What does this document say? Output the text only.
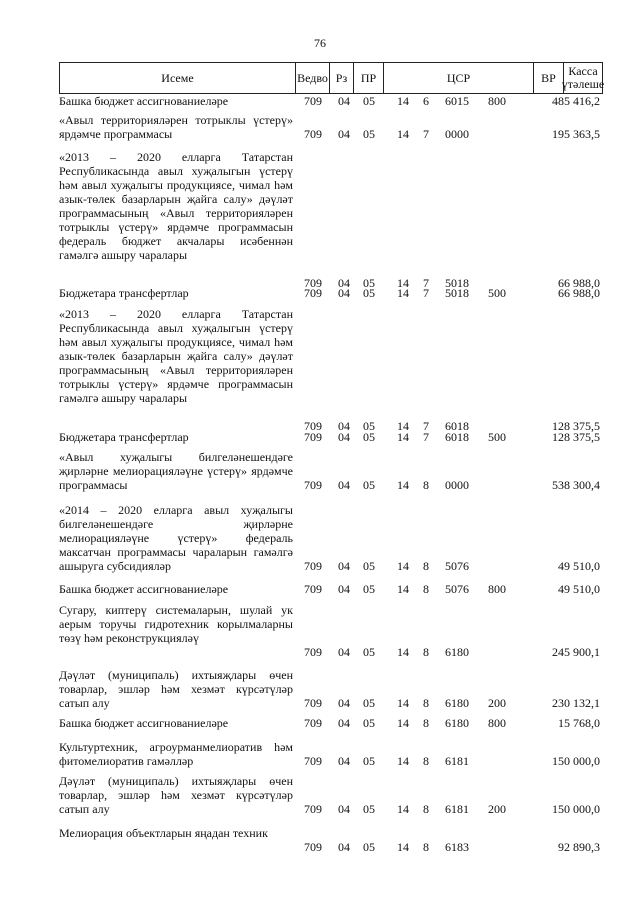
76
Исеме	Ведво Рз	ПР	ЦСР	ВР	Касса үтәлеше
Башка бюджет ассигнованиеләре	709 04	05	14 6	6015	800	485 416,2
«Авыл территорияләрен тотрыклы үстерү» ярдәмче программасы	709 04	05	14 7	0000	195 363,5
«2013 – 2020 елларга Татарстан Республикасында авыл хуҗалыгын үстерү һәм авыл хуҗалыгы продукциясе, чимал һәм азык-төлек базарларын җайга салу» дәүләт программасының «Авыл территорияләрен тотрыклы үстерү» ярдәмче программасын федераль бюджет акчалары исәбеннән гамәлгә ашыру чаралары
709 04	05	14 7	5018	66 988,0
Бюджетара трансфертлар	709 04	05	14 7	5018	500	66 988,0
«2013 – 2020 елларга Татарстан Республикасында авыл хуҗалыгын үстерү һәм авыл хуҗалыгы продукциясе, чимал һәм азык-төлек базарларын җайга салу» дәүләт программасының «Авыл территорияләрен тотрыклы үстерү» ярдәмче программасын гамәлгә ашыру чаралары
709 04	05	14 7	6018	128 375,5
Бюджетара трансфертлар	709 04	05	14 7	6018	500	128 375,5
«Авыл хуҗалыгы билгеләнешендәге җирләрне мелиорацияләүне үстерү» ярдәмче программасы	709 04	05	14 8	0000	538 300,4
«2014 – 2020 елларга авыл хуҗалыгы билгеләнешендәге җирләрне мелиорацияләүне үстерү» федераль максатчан программасы чараларын гамәлгә ашыруга субсидияләр	709 04	05	14 8	5076	49 510,0
Башка бюджет ассигнованиеләре	709 04	05	14 8	5076	800	49 510,0
Сугару, киптерү системаларын, шулай ук аерым торучы гидротехник корылмаларны төзү һәм реконструкцияләү
709 04	05	14 8	6180	245 900,1
Дәүләт (муниципаль) ихтыяҗлары өчен товарлар, эшләр һәм хезмәт күрсәтүләр сатып алу	709 04	05	14 8	6180	200	230 132,1
Башка бюджет ассигнованиеләре	709 04	05	14 8	6180	800	15 768,0
Культуртехник, агроурманмелиоратив һәм фитомелиоратив гамәлләр	709 04	05	14 8	6181	150 000,0
Дәүләт (муниципаль) ихтыяҗлары өчен товарлар, эшләр һәм хезмәт күрсәтүләр сатып алу	709 04	05	14 8	6181	200	150 000,0
Мелиорация объектларын яңадан техник
709 04	05	14 8	6183	92 890,3
